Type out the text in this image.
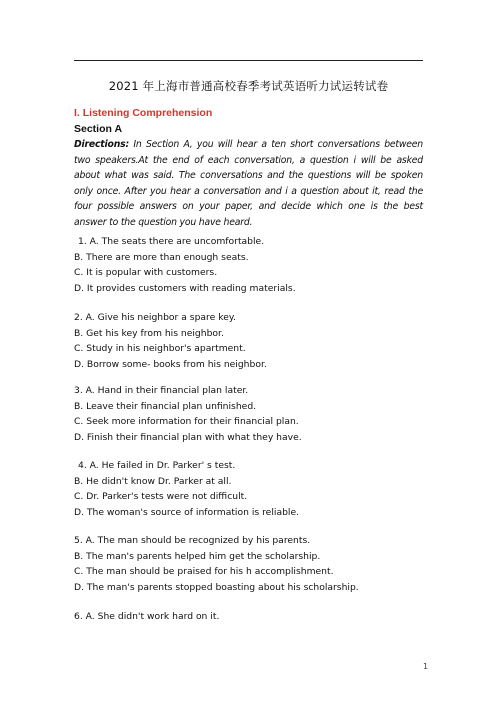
2021 年上海市普通高校春季考试英语听力试运转试卷
I. Listening Comprehension
Section A
Directions: In Section A, you will hear a ten short conversations between two speakers.At the end of each conversation, a question i will be asked about what was said. The conversations and the questions will be spoken only once. After you hear a conversation and i a question about it, read the four possible answers on your paper, and decide which one is the best answer to the question you have heard.
1. A. The seats there are uncomfortable.
B. There are more than enough seats.
C. It is popular with customers.
D. It provides customers with reading materials.
2. A. Give his neighbor a spare key.
B. Get his key from his neighbor.
C. Study in his neighbor's apartment.
D. Borrow some- books from his neighbor.
3. A. Hand in their financial plan later.
B. Leave their financial plan unfinished.
C. Seek more information for their financial plan.
D. Finish their financial plan with what they have.
4. A. He failed in Dr. Parker' s test.
B. He didn't know Dr. Parker at all.
C. Dr. Parker's tests were not difficult.
D. The woman's source of information is reliable.
5. A. The man should be recognized by his parents.
B. The man's parents helped him get the scholarship.
C. The man should be praised for his h accomplishment.
D. The man's parents stopped boasting about his scholarship.
6. A. She didn't work hard on it.
1
